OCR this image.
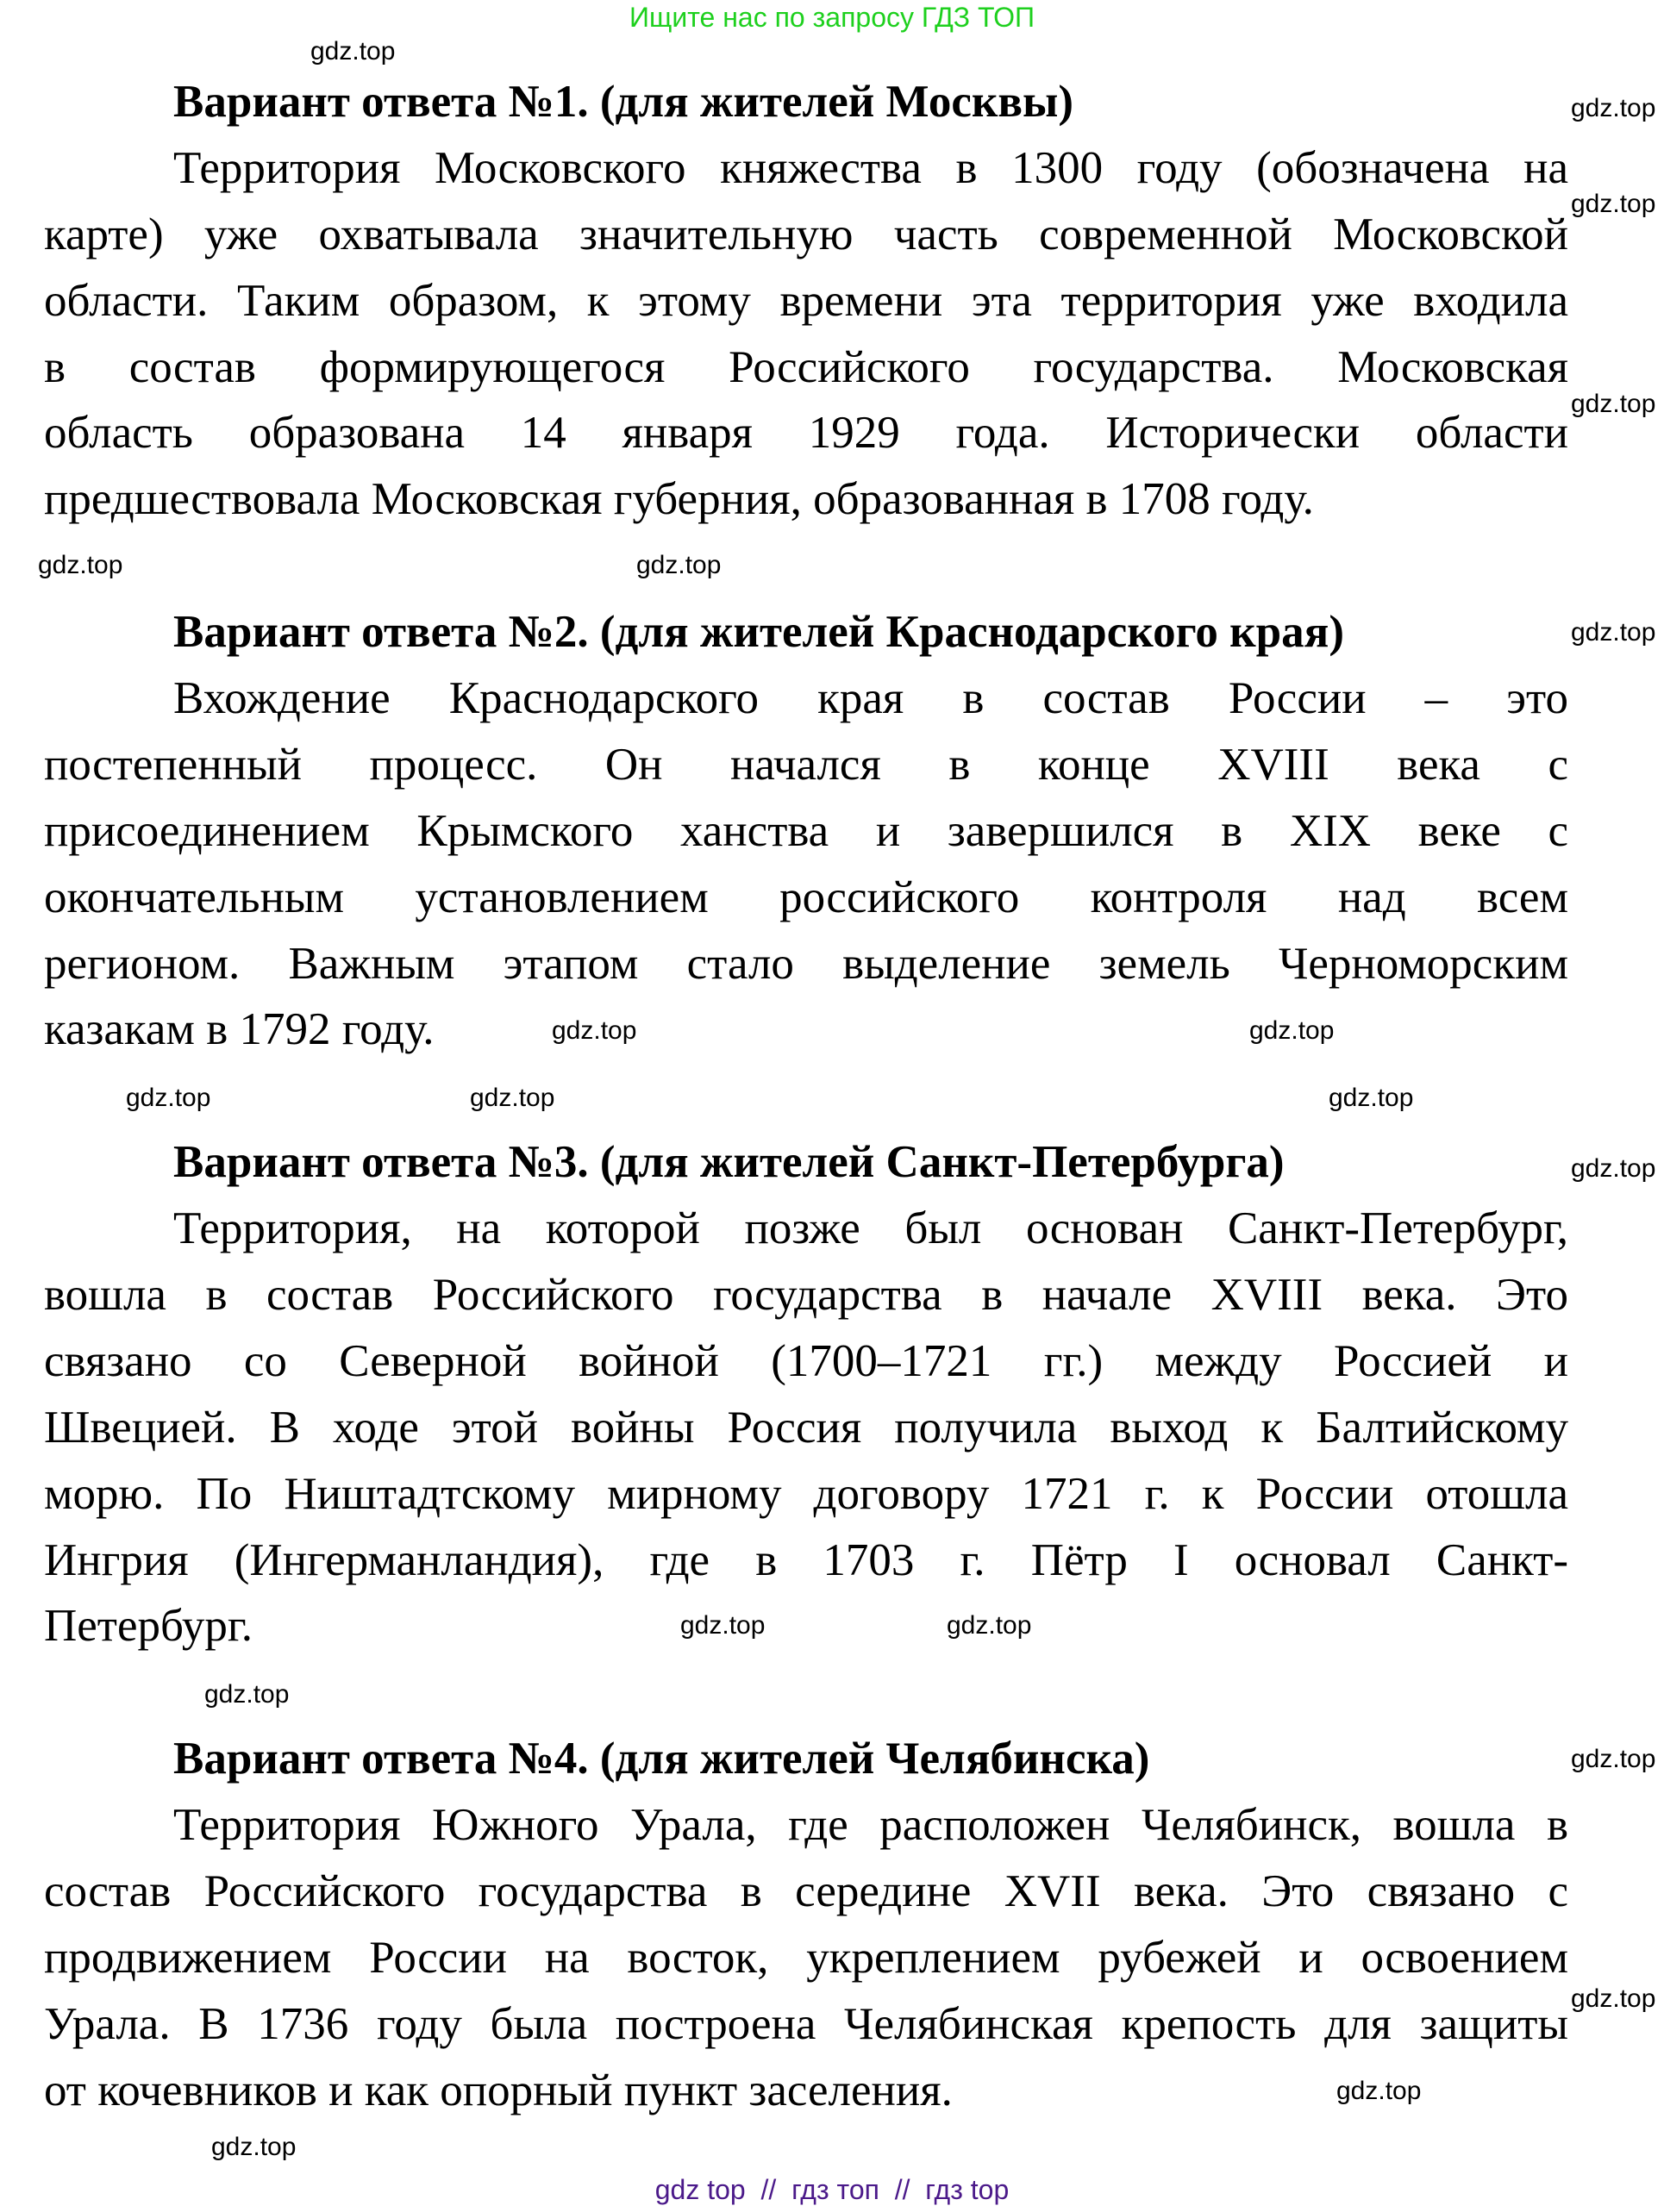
Ищите нас по запросу ГДЗ ТОП
Вариант ответа №1. (для жителей Москвы)
Территория Московского княжества в 1300 году (обозначена на
карте) уже охватывала значительную часть современной Московской
области. Таким образом, к этому времени эта территория уже входила
в состав формирующегося Российского государства. Московская
область образована 14 января 1929 года. Исторически области
предшествовала Московская губерния, образованная в 1708 году.
Вариант ответа №2. (для жителей Краснодарского края)
Вхождение Краснодарского края в состав России – это
постепенный процесс. Он начался в конце XVIII века с
присоединением Крымского ханства и завершился в XIX веке с
окончательным установлением российского контроля над всем
регионом. Важным этапом стало выделение земель Черноморским
казакам в 1792 году.
Вариант ответа №3. (для жителей Санкт-Петербурга)
Территория, на которой позже был основан Санкт-Петербург,
вошла в состав Российского государства в начале XVIII века. Это
связано со Северной войной (1700–1721 гг.) между Россией и
Швецией. В ходе этой войны Россия получила выход к Балтийскому
морю. По Ништадтскому мирному договору 1721 г. к России отошла
Ингрия (Ингерманландия), где в 1703 г. Пётр I основал Санкт-
Петербург.
Вариант ответа №4. (для жителей Челябинска)
Территория Южного Урала, где расположен Челябинск, вошла в
состав Российского государства в середине XVII века. Это связано с
продвижением России на восток, укреплением рубежей и освоением
Урала. В 1736 году была построена Челябинская крепость для защиты
от кочевников и как опорный пункт заселения.
gdz.top
gdz.top
gdz.top
gdz.top
gdz.top	gdz.top
gdz.top
gdz.top	gdz.top
gdz.top	gdz.top	gdz.top
gdz.top
gdz.top	gdz.top
gdz.top
gdz.top
gdz.top
gdz.top
gdz.top
gdz top  //  гдз топ  //  гдз top
